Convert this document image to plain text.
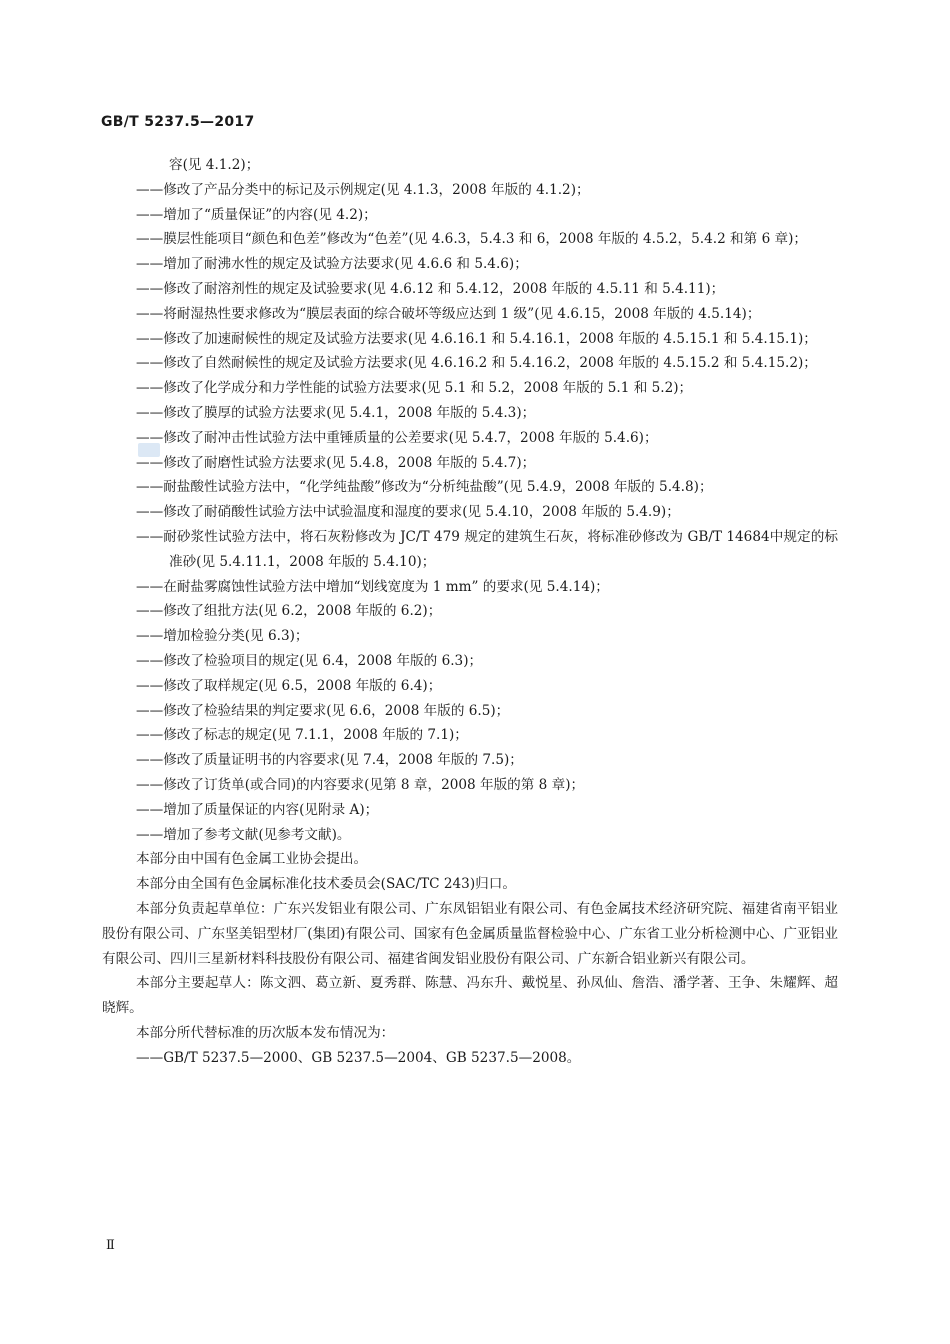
GB/T 5237.5—2017

容(见 4.1.2)；

——修改了产品分类中的标记及示例规定(见 4.1.3，2008 年版的 4.1.2)；

——增加了“质量保证”的内容(见 4.2)；

——膜层性能项目“颜色和色差”修改为“色差”(见 4.6.3，5.4.3 和 6，2008 年版的 4.5.2，5.4.2 和第 6 章)；

——增加了耐沸水性的规定及试验方法要求(见 4.6.6 和 5.4.6)；

——修改了耐溶剂性的规定及试验要求(见 4.6.12 和 5.4.12，2008 年版的 4.5.11 和 5.4.11)；

——将耐湿热性要求修改为“膜层表面的综合破坏等级应达到 1 级”(见 4.6.15，2008 年版的 4.5.14)；

——修改了加速耐候性的规定及试验方法要求(见 4.6.16.1 和 5.4.16.1，2008 年版的 4.5.15.1 和 5.4.15.1)；

——修改了自然耐候性的规定及试验方法要求(见 4.6.16.2 和 5.4.16.2，2008 年版的 4.5.15.2 和 5.4.15.2)；

——修改了化学成分和力学性能的试验方法要求(见 5.1 和 5.2，2008 年版的 5.1 和 5.2)；

——修改了膜厚的试验方法要求(见 5.4.1，2008 年版的 5.4.3)；

——修改了耐冲击性试验方法中重锤质量的公差要求(见 5.4.7，2008 年版的 5.4.6)；

——修改了耐磨性试验方法要求(见 5.4.8，2008 年版的 5.4.7)；

——耐盐酸性试验方法中，“化学纯盐酸”修改为“分析纯盐酸”(见 5.4.9，2008 年版的 5.4.8)；

——修改了耐硝酸性试验方法中试验温度和湿度的要求(见 5.4.10，2008 年版的 5.4.9)；

——耐砂浆性试验方法中，将石灰粉修改为 JC/T 479 规定的建筑生石灰，将标准砂修改为 GB/T 14684中规定的标准砂(见 5.4.11.1，2008 年版的 5.4.10)；

——在耐盐雾腐蚀性试验方法中增加“划线宽度为 1 mm” 的要求(见 5.4.14)；

——修改了组批方法(见 6.2，2008 年版的 6.2)；

——增加检验分类(见 6.3)；

——修改了检验项目的规定(见 6.4，2008 年版的 6.3)；

——修改了取样规定(见 6.5，2008 年版的 6.4)；

——修改了检验结果的判定要求(见 6.6，2008 年版的 6.5)；

——修改了标志的规定(见 7.1.1，2008 年版的 7.1)；

——修改了质量证明书的内容要求(见 7.4，2008 年版的 7.5)；

——修改了订货单(或合同)的内容要求(见第 8 章，2008 年版的第 8 章)；

——增加了质量保证的内容(见附录 A)；

——增加了参考文献(见参考文献)。

本部分由中国有色金属工业协会提出。

本部分由全国有色金属标准化技术委员会(SAC/TC 243)归口。

本部分负责起草单位：广东兴发铝业有限公司、广东凤铝铝业有限公司、有色金属技术经济研究院、福建省南平铝业股份有限公司、广东坚美铝型材厂(集团)有限公司、国家有色金属质量监督检验中心、广东省工业分析检测中心、广亚铝业有限公司、四川三星新材料科技股份有限公司、福建省闽发铝业股份有限公司、广东新合铝业新兴有限公司。

本部分主要起草人：陈文泗、葛立新、夏秀群、陈慧、冯东升、戴悦星、孙凤仙、詹浩、潘学著、王争、朱耀辉、超晓辉。

本部分所代替标准的历次版本发布情况为：

——GB/T 5237.5—2000、GB 5237.5—2004、GB 5237.5—2008。

Ⅱ
